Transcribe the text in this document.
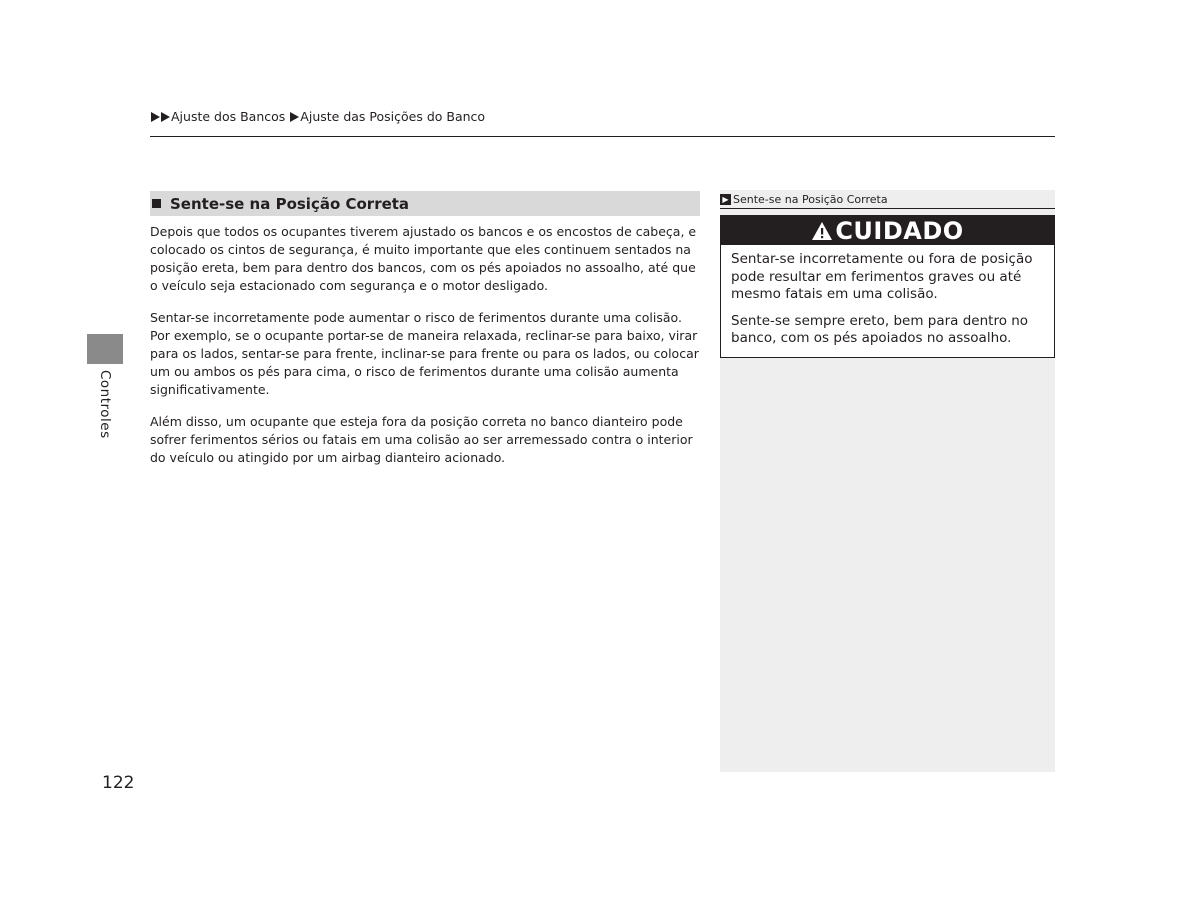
Ajuste dos Bancos Ajuste das Posições do Banco
Controles
122
Sente-se na Posição Correta

Depois que todos os ocupantes tiverem ajustado os bancos e os encostos de cabeça, e colocado os cintos de segurança, é muito importante que eles continuem sentados na posição ereta, bem para dentro dos bancos, com os pés apoiados no assoalho, até que o veículo seja estacionado com segurança e o motor desligado.

Sentar-se incorretamente pode aumentar o risco de ferimentos durante uma colisão. Por exemplo, se o ocupante portar-se de maneira relaxada, reclinar-se para baixo, virar para os lados, sentar-se para frente, inclinar-se para frente ou para os lados, ou colocar um ou ambos os pés para cima, o risco de ferimentos durante uma colisão aumenta significativamente.

Além disso, um ocupante que esteja fora da posição correta no banco dianteiro pode sofrer ferimentos sérios ou fatais em uma colisão ao ser arremessado contra o interior do veículo ou atingido por um airbag dianteiro acionado.

▶ Sente-se na Posição Correta
CUIDADO

Sentar-se incorretamente ou fora de posição pode resultar em ferimentos graves ou até mesmo fatais em uma colisão.

Sente-se sempre ereto, bem para dentro no banco, com os pés apoiados no assoalho.
